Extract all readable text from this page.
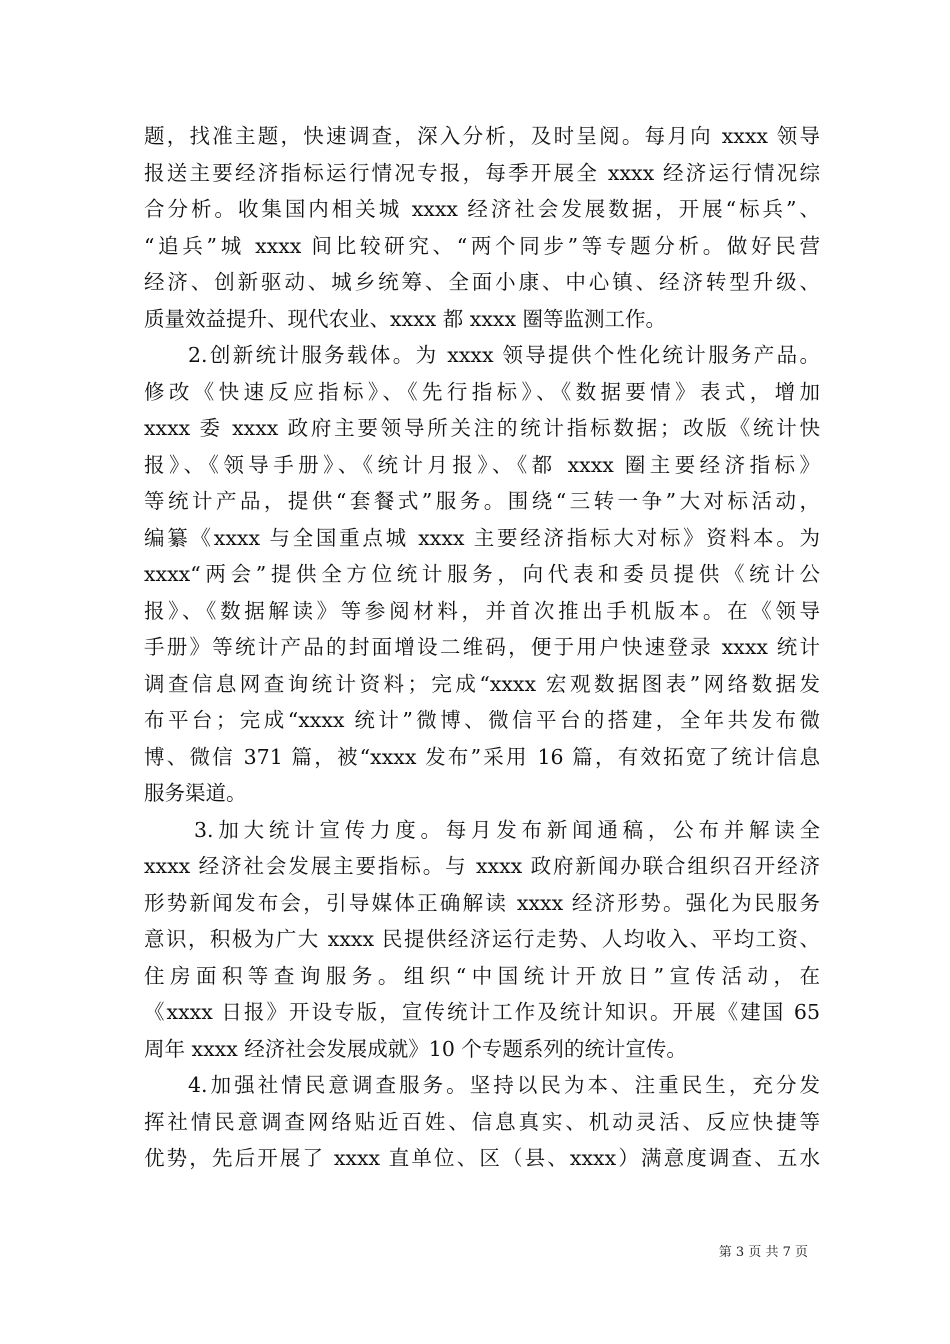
题，找准主题，快速调查，深入分析，及时呈阅。每月向 xxxx 领导
报送主要经济指标运行情况专报，每季开展全 xxxx 经济运行情况综
合分析。收集国内相关城 xxxx 经济社会发展数据，开展“标兵”、
“追兵”城 xxxx 间比较研究、“两个同步”等专题分析。做好民营
经济、创新驱动、城乡统筹、全面小康、中心镇、经济转型升级、
质量效益提升、现代农业、xxxx 都 xxxx 圈等监测工作。
2.创新统计服务载体。为 xxxx 领导提供个性化统计服务产品。
修改《快速反应指标》、《先行指标》、《数据要情》表式，增加
xxxx 委 xxxx 政府主要领导所关注的统计指标数据；改版《统计快
报》、《领导手册》、《统计月报》、《都 xxxx 圈主要经济指标》
等统计产品，提供“套餐式”服务。围绕“三转一争”大对标活动，
编纂《xxxx 与全国重点城 xxxx 主要经济指标大对标》资料本。为
xxxx“两会”提供全方位统计服务，向代表和委员提供《统计公
报》、《数据解读》等参阅材料，并首次推出手机版本。在《领导
手册》等统计产品的封面增设二维码，便于用户快速登录 xxxx 统计
调查信息网查询统计资料；完成“xxxx 宏观数据图表”网络数据发
布平台；完成“xxxx 统计”微博、微信平台的搭建，全年共发布微
博、微信 371 篇，被“xxxx 发布”采用 16 篇，有效拓宽了统计信息
服务渠道。
3.加大统计宣传力度。每月发布新闻通稿，公布并解读全
xxxx 经济社会发展主要指标。与 xxxx 政府新闻办联合组织召开经济
形势新闻发布会，引导媒体正确解读 xxxx 经济形势。强化为民服务
意识，积极为广大 xxxx 民提供经济运行走势、人均收入、平均工资、
住房面积等查询服务。组织“中国统计开放日”宣传活动，在
《xxxx 日报》开设专版，宣传统计工作及统计知识。开展《建国 65
周年 xxxx 经济社会发展成就》10 个专题系列的统计宣传。
4.加强社情民意调查服务。坚持以民为本、注重民生，充分发
挥社情民意调查网络贴近百姓、信息真实、机动灵活、反应快捷等
优势，先后开展了 xxxx 直单位、区（县、xxxx）满意度调查、五水
第 3 页 共 7 页
